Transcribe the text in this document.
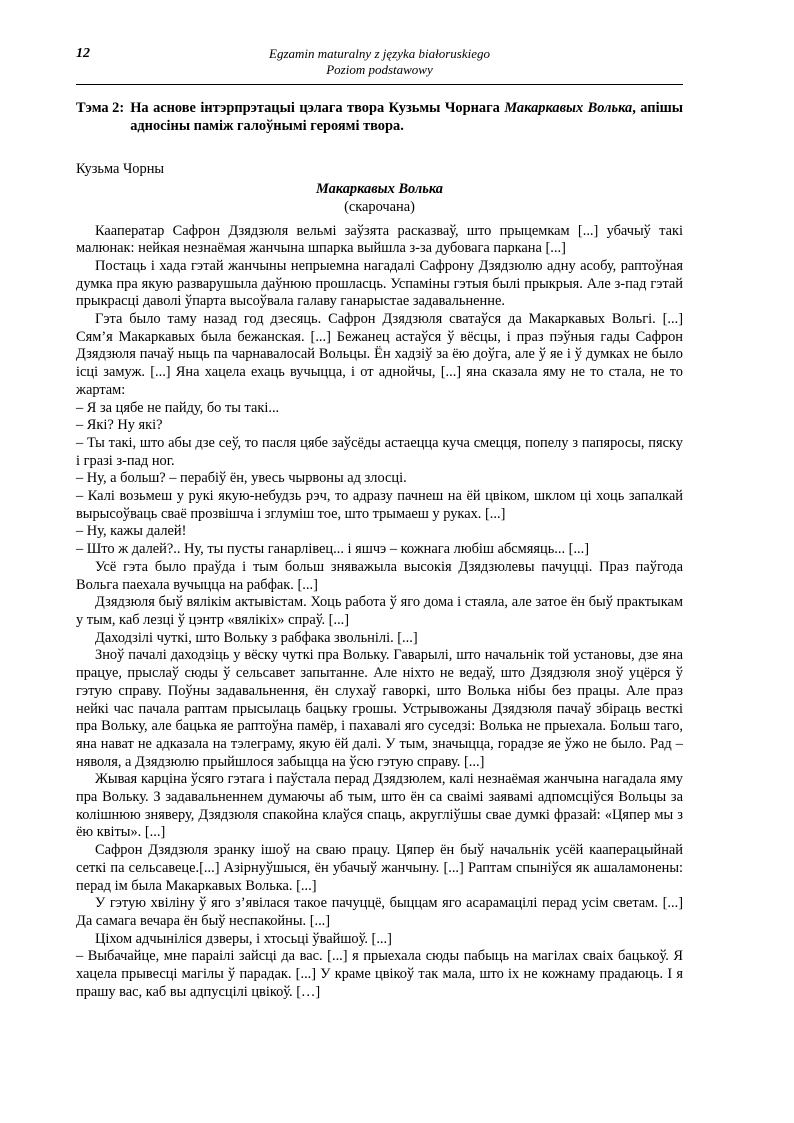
12	Egzamin maturalny z języka białoruskiego
Poziom podstawowy
Тэма 2: На аснове інтэрпрэтацыі цэлага твора Кузьмы Чорнага Макаркавых Волька, апішы адносіны паміж галоўнымі героямі твора.
Кузьма Чорны
Макаркавых Волька
(скарочана)

Кааператар Сафрон Дзядзюля вельмі заўзята расказваў, што прыцемкам [...] убачыў такі малюнак: нейкая незнаёмая жанчына шпарка выйшла з-за дубовага паркана [...]

Постаць і хада гэтай жанчыны непрыемна нагадалі Сафрону Дзядзюлю адну асобу, раптоўная думка пра якую разварушыла даўнюю прошласць. Успаміны гэтыя былі прыкрыя. Але з-пад гэтай прыкрасці даволі ўпарта высоўвала галаву ганарыстае задавальненне.

Гэта было таму назад год дзесяць. Сафрон Дзядзюля сватаўся да Макаркавых Вольгі. [...] Сям’я Макаркавых была бежанская. [...] Бежанец астаўся ў вёсцы, і праз пэўныя гады Сафрон Дзядзюля пачаў ныць па чарнавалосай Вольцы. Ён хадзіў за ёю доўга, але ў яе і ў думках не было ісці замуж. [...] Яна хацела ехаць вучыцца, і от аднойчы, [...] яна сказала яму не то стала, не то жартам:

– Я за цябе не пайду, бо ты такі...

– Які? Ну які?

– Ты такі, што абы дзе сеў, то пасля цябе заўсёды астаецца куча смецця, попелу з папяросы, пяску і гразі з-пад ног.

– Ну, а больш? – перабіў ён, увесь чырвоны ад злосці.

– Калі возьмеш у рукі якую-небудзь рэч, то адразу пачнеш на ёй цвіком, шклом ці хоць запалкай вырысоўваць сваё прозвішча і зглуміш тое, што трымаеш у руках. [...]

– Ну, кажы далей!

– Што ж далей?.. Ну, ты пусты ганарлівец... і яшчэ – кожнага любіш абсмяяць... [...]

Усё гэта было праўда і тым больш зняважыла высокія Дзядзюлевы пачуцці. Праз паўгода Вольга паехала вучыцца на рабфак. [...]

Дзядзюля быў вялікім актывістам. Хоць работа ў яго дома і стаяла, але затое ён быў практыкам у тым, каб лезці ў цэнтр «вялікіх» спраў. [...]

Даходзілі чуткі, што Вольку з рабфака звольнілі. [...]

Зноў пачалі даходзіць у вёску чуткі пра Вольку. Гаварылі, што начальнік той установы, дзе яна працуе, прыслаў сюды ў сельсавет запытанне. Але ніхто не ведаў, што Дзядзюля зноў уцёрся ў гэтую справу. Поўны задавальнення, ён слухаў гаворкі, што Волька нібы без працы. Але праз нейкі час пачала раптам прысылаць бацьку грошы. Устрывожаны Дзядзюля пачаў збіраць весткі пра Вольку, але бацька яе раптоўна памёр, і пахавалі яго суседзі: Волька не прыехала. Больш таго, яна нават не адказала на тэлеграму, якую ёй далі. У тым, значыцца, горадзе яе ўжо не было. Рад – няволя, а Дзядзюлю прыйшлося забыцца на ўсю гэтую справу. [...]

Жывая карціна ўсяго гэтага і паўстала перад Дзядзюлем, калі незнаёмая жанчына нагадала яму пра Вольку. З задавальненнем думаючы аб тым, што ён са сваімі заявамі адпомсціўся Вольцы за колішнюю зняверу, Дзядзюля спакойна клаўся спаць, акругліўшы свае думкі фразай: «Цяпер мы з ёю квіты». [...]

Сафрон Дзядзюля зранку ішоў на сваю працу. Цяпер ён быў начальнік усёй кааперацыйнай сеткі па сельсавеце.[...] Азірнуўшыся, ён убачыў жанчыну. [...] Раптам спыніўся як ашаламонены: перад ім была Макаркавых Волька. [...]

У гэтую хвіліну ў яго з’явілася такое пачуццё, быццам яго асарамацілі перад усім светам. [...] Да самага вечара ён быў неспакойны. [...]

Ціхом адчыніліся дзверы, і хтосьці ўвайшоў. [...]

– Выбачайце, мне параілі зайсці да вас. [...] я прыехала сюды пабыць на магілах сваіх бацькоў. Я хацела прывесці магілы ў парадак. [...] У краме цвікоў так мала, што іх не кожнаму прадаюць. І я прашу вас, каб вы адпусцілі цвікоў. […]
